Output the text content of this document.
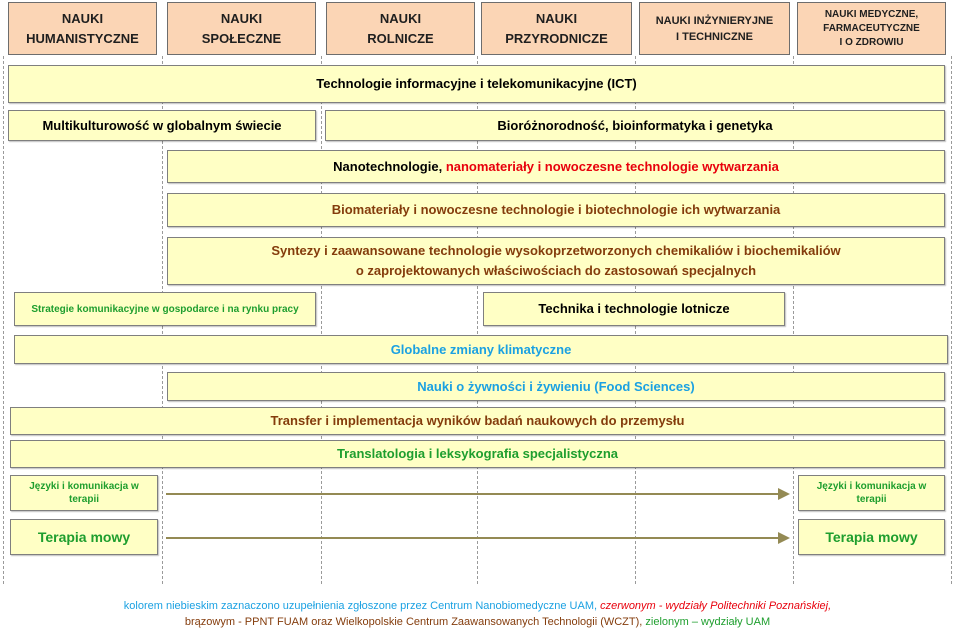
NAUKI
HUMANISTYCZNE
NAUKI
SPOŁECZNE
NAUKI
ROLNICZE
NAUKI
PRZYRODNICZE
NAUKI INŻYNIERYJNE
I TECHNICZNE
NAUKI MEDYCZNE,
FARMACEUTYCZNE
I O ZDROWIU
Technologie informacyjne i telekomunikacyjne (ICT)
Multikulturowość w globalnym świecie	Bioróżnorodność, bioinformatyka i genetyka
Nanotechnologie, nanomateriały i nowoczesne technologie wytwarzania
Biomateriały i nowoczesne technologie i biotechnologie ich wytwarzania
Syntezy i zaawansowane technologie wysokoprzetworzonych chemikaliów i biochemikaliów
o zaprojektowanych właściwościach do zastosowań specjalnych
Strategie komunikacyjne w gospodarce i na rynku pracy	Technika i technologie lotnicze
Globalne zmiany klimatyczne
Nauki o żywności i żywieniu (Food Sciences)
Transfer i implementacja wyników badań naukowych do przemysłu
Translatologia i leksykografia specjalistyczna
Języki i komunikacja w terapii
Języki i komunikacja w terapii
Terapia mowy	Terapia mowy
kolorem niebieskim zaznaczono uzupełnienia zgłoszone przez Centrum Nanobiomedyczne UAM, czerwonym - wydziały Politechniki Poznańskiej,
brązowym - PPNT FUAM oraz Wielkopolskie Centrum Zaawansowanych Technologii (WCZT), zielonym – wydziały UAM
